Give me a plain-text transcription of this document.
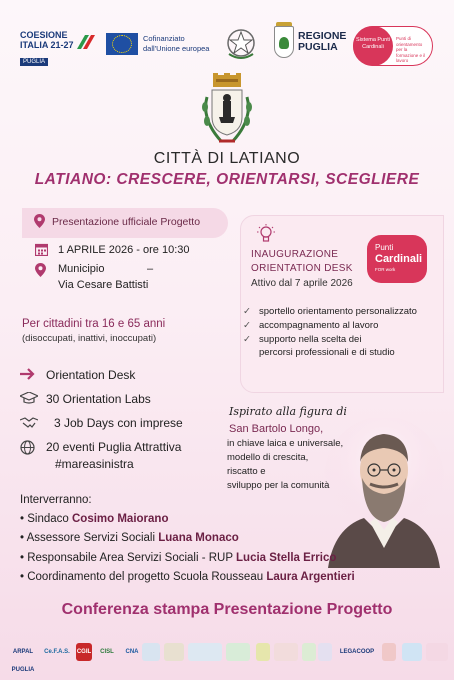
COESIONE ITALIA 21-27
PUGLIA
Cofinanziato
dall'Unione europea
REGIONE
PUGLIA
Sistema Punti Cardinali
Punti di orientamento per la formazione e il lavoro
CITTÀ DI LATIANO
LATIANO: CRESCERE, ORIENTARSI, SCEGLIERE
Presentazione ufficiale Progetto
1 APRILE 2026 - ore 10:30
Municipio	–
Via Cesare Battisti
Per cittadini tra 16 e 65 anni
(disoccupati, inattivi, inoccupati)
Orientation Desk
30 Orientation Labs
3 Job Days con imprese
20 eventi Puglia Attrattiva
#mareasinistra
INAUGURAZIONE
ORIENTATION DESK
Attivo dal 7 aprile 2026
Punti
Cardinali
FOR work
✓ sportello orientamento personalizzato
✓ accompagnamento al lavoro
✓ supporto nella scelta dei
percorsi professionali e di studio
Ispirato alla figura di
San Bartolo Longo,
in chiave laica e universale,
modello di crescita,
riscatto e
sviluppo per la comunità
Interverranno:
• Sindaco Cosimo Maiorano
• Assessore Servizi Sociali Luana Monaco
• Responsabile Area Servizi Sociali - RUP Lucia Stella Errico
• Coordinamento del progetto Scuola Rousseau Laura Argentieri
Conferenza stampa Presentazione Progetto
ARPAL PUGLIA
Ce.F.A.S.	CGIL	CISL	CNA	LEGACOOP
